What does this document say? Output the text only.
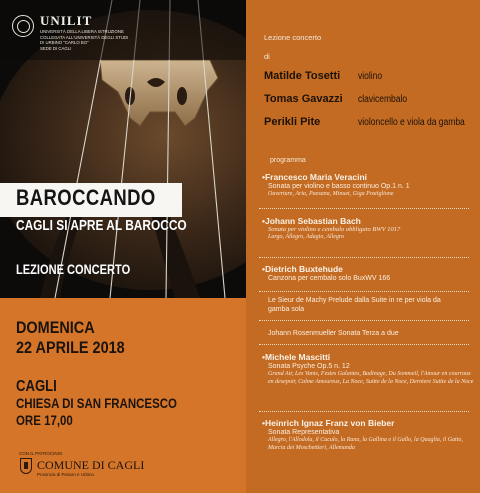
UNILIT
UNIVERSITÀ DELLA LIBERA ISTRUZIONE
COLLEGATA ALL'UNIVERSITÀ DEGLI STUDI
DI URBINO "CARLO BO"
SEDE DI CAGLI
BAROCCANDO
CAGLI SI APRE AL BAROCCO
LEZIONE CONCERTO
DOMENICA
22 APRILE 2018
CAGLI
CHIESA DI SAN FRANCESCO
ORE 17,00
CON IL PATROCINIO
COMUNE DI CAGLI
Provincia di Pesaro e Urbino
Lezione concerto
di
Matilde Tosetti violino
Tomas Gavazzi clavicembalo
Perikli Pite	violoncello e viola da gamba
programma
• Francesco Maria Veracini
Sonata per violino e basso continuo Op.1 n. 1
Ouverture, Aria, Paesana, Minuet, Giga Postiglione
• Johann Sebastian Bach
Sonata per violino e cembalo obbligato BWV 1017
Largo, Allegro, Adagio, Allegro
• Dietrich Buxtehude
Canzona per cembalo solo BuxWV 166
Le Sieur de Machy Prelude dalla Suite in re per viola da gamba sola
Johann Rosenmueller Sonata Terza a due
• Michele Mascitti
Sonata Psyche Op.5 n. 12
Grand Air, Les Vants, Festes Galantes, Badinage, Du Sommeil, l'Amour en courroux en desepoir, Calme Amoureux, La Noce, Suitte de la Noce, Derniere Suitte de la Noce
• Heinrich Ignaz Franz von Bieber
Sonata Representativa
Allegro, l'Allodola, il Cuculo, la Rana, la Gallina e il Gallo, la Quaglia, il Gatto, Marcia dei Moschettieri, Allemanda
